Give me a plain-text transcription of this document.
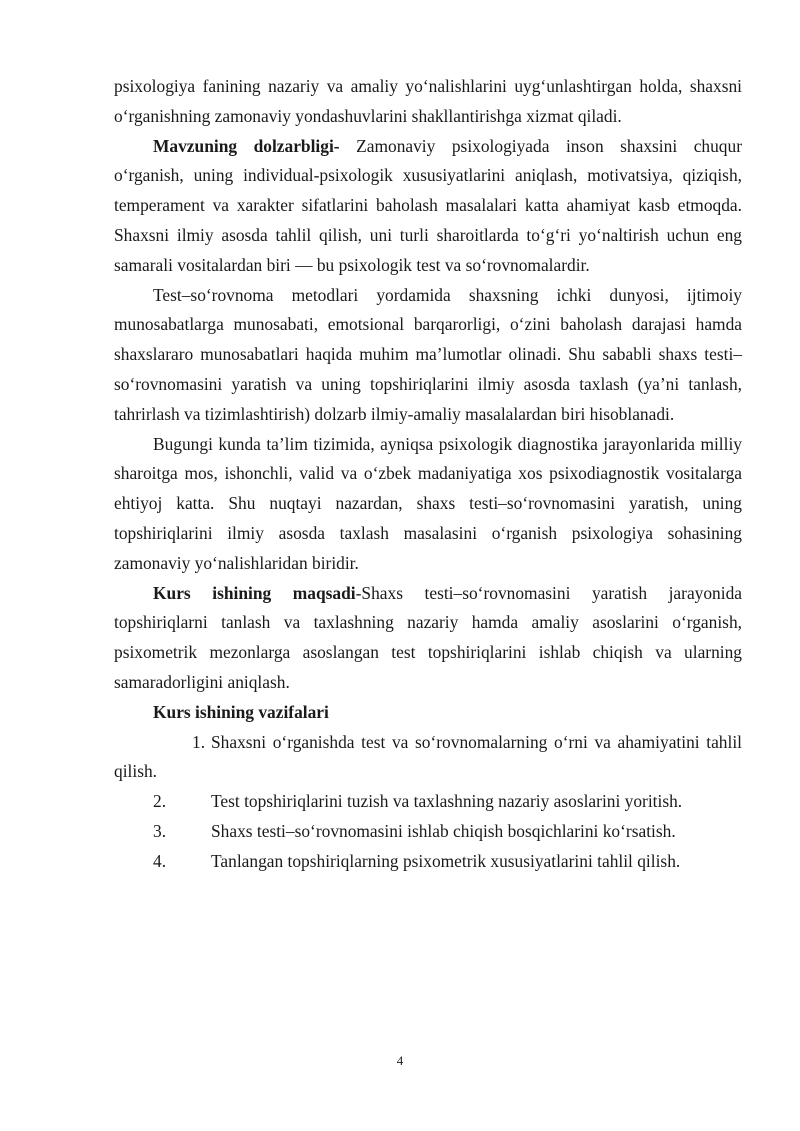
psixologiya fanining nazariy va amaliy yo‘nalishlarini uyg‘unlashtirgan holda, shaxsni o‘rganishning zamonaviy yondashuvlarini shakllantirishga xizmat qiladi.

Mavzuning dolzarbligi- Zamonaviy psixologiyada inson shaxsini chuqur o‘rganish, uning individual-psixologik xususiyatlarini aniqlash, motivatsiya, qiziqish, temperament va xarakter sifatlarini baholash masalalari katta ahamiyat kasb etmoqda. Shaxsni ilmiy asosda tahlil qilish, uni turli sharoitlarda to‘g‘ri yo‘naltirish uchun eng samarali vositalardan biri — bu psixologik test va so‘rovnomalardir.

Test–so‘rovnoma metodlari yordamida shaxsning ichki dunyosi, ijtimoiy munosabatlarga munosabati, emotsional barqarorligi, o‘zini baholash darajasi hamda shaxslararo munosabatlari haqida muhim ma’lumotlar olinadi. Shu sababli shaxs testi–so‘rovnomasini yaratish va uning topshiriqlarini ilmiy asosda taxlash (ya’ni tanlash, tahrirlash va tizimlashtirish) dolzarb ilmiy-amaliy masalalardan biri hisoblanadi.

Bugungi kunda ta’lim tizimida, ayniqsa psixologik diagnostika jarayonlarida milliy sharoitga mos, ishonchli, valid va o‘zbek madaniyatiga xos psixodiagnostik vositalarga ehtiyoj katta. Shu nuqtayi nazardan, shaxs testi–so‘rovnomasini yaratish, uning topshiriqlarini ilmiy asosda taxlash masalasini o‘rganish psixologiya sohasining zamonaviy yo‘nalishlaridan biridir.

Kurs ishining maqsadi-Shaxs testi–so‘rovnomasini yaratish jarayonida topshiriqlarni tanlash va taxlashning nazariy hamda amaliy asoslarini o‘rganish, psixometrik mezonlarga asoslangan test topshiriqlarini ishlab chiqish va ularning samaradorligini aniqlash.

Kurs ishining vazifalari

1. Shaxsni o‘rganishda test va so‘rovnomalarning o‘rni va ahamiyatini tahlil qilish.

2.	Test topshiriqlarini tuzish va taxlashning nazariy asoslarini yoritish.

3.	Shaxs testi–so‘rovnomasini ishlab chiqish bosqichlarini ko‘rsatish.

4.	Tanlangan topshiriqlarning psixometrik xususiyatlarini tahlil qilish.

4
